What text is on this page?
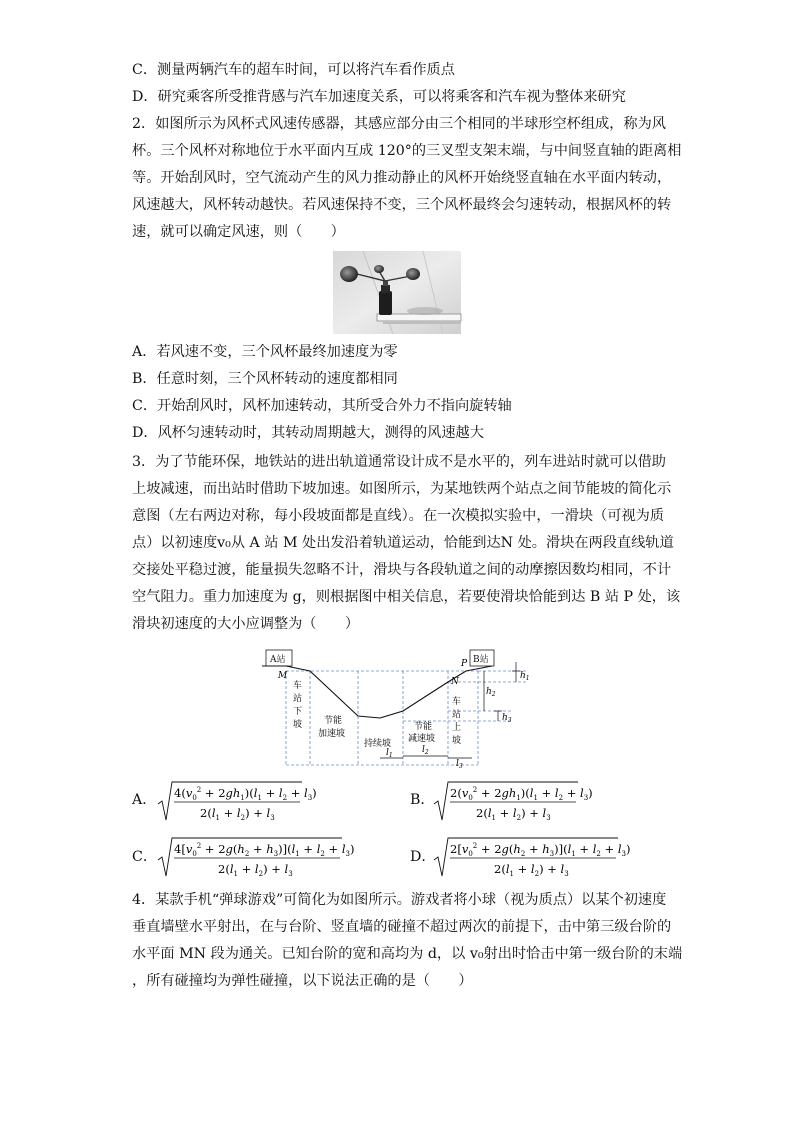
C．测量两辆汽车的超车时间，可以将汽车看作质点
D．研究乘客所受推背感与汽车加速度关系，可以将乘客和汽车视为整体来研究
2．如图所示为风杯式风速传感器，其感应部分由三个相同的半球形空杯组成，称为风
杯。三个风杯对称地位于水平面内互成 120°的三叉型支架末端，与中间竖直轴的距离相
等。开始刮风时，空气流动产生的风力推动静止的风杯开始绕竖直轴在水平面内转动，
风速越大，风杯转动越快。若风速保持不变，三个风杯最终会匀速转动，根据风杯的转
速，就可以确定风速，则（　　）
A．若风速不变，三个风杯最终加速度为零
B．任意时刻，三个风杯转动的速度都相同
C．开始刮风时，风杯加速转动，其所受合外力不指向旋转轴
D．风杯匀速转动时，其转动周期越大，测得的风速越大
3．为了节能环保，地铁站的进出轨道通常设计成不是水平的，列车进站时就可以借助
上坡减速，而出站时借助下坡加速。如图所示，为某地铁两个站点之间节能坡的简化示
意图（左右两边对称，每小段坡面都是直线）。在一次模拟实验中，一滑块（可视为质
点）以初速度v₀从 A 站 M 处出发沿着轨道运动，恰能到达N 处。滑块在两段直线轨道
交接处平稳过渡，能量损失忽略不计，滑块与各段轨道之间的动摩擦因数均相同，不计
空气阻力。重力加速度为 g，则根据图中相关信息，若要使滑块恰能到达 B 站 P 处，该
滑块初速度的大小应调整为（　　）
A站	B站
M
N
P
车
站
下
坡 节能
加速坡
持续坡
节能
减速坡
车
站
上
坡
$h_1$
$h_2$
$h_3$
$l_1$
$l_2$
$l_3$
A． $4(v_0^2 + 2gh_1)(l_1 + l_2 + l_3)$
$2(l_1 + l_2) + l_3$
B． $2(v_0^2 + 2gh_1)(l_1 + l_2 + l_3)$
$2(l_1 + l_2) + l_3$
C． $4[v_0^2 + 2g(h_2 + h_3)](l_1 + l_2 + l_3)$
$2(l_1 + l_2) + l_3$
D． $2[v_0^2 + 2g(h_2 + h_3)](l_1 + l_2 + l_3)$
$2(l_1 + l_2) + l_3$
4．某款手机“弹球游戏”可简化为如图所示。游戏者将小球（视为质点）以某个初速度
垂直墙壁水平射出，在与台阶、竖直墙的碰撞不超过两次的前提下，击中第三级台阶的
水平面 MN 段为通关。已知台阶的宽和高均为 d，以 v₀射出时恰击中第一级台阶的末端
，所有碰撞均为弹性碰撞，以下说法正确的是（　　）
